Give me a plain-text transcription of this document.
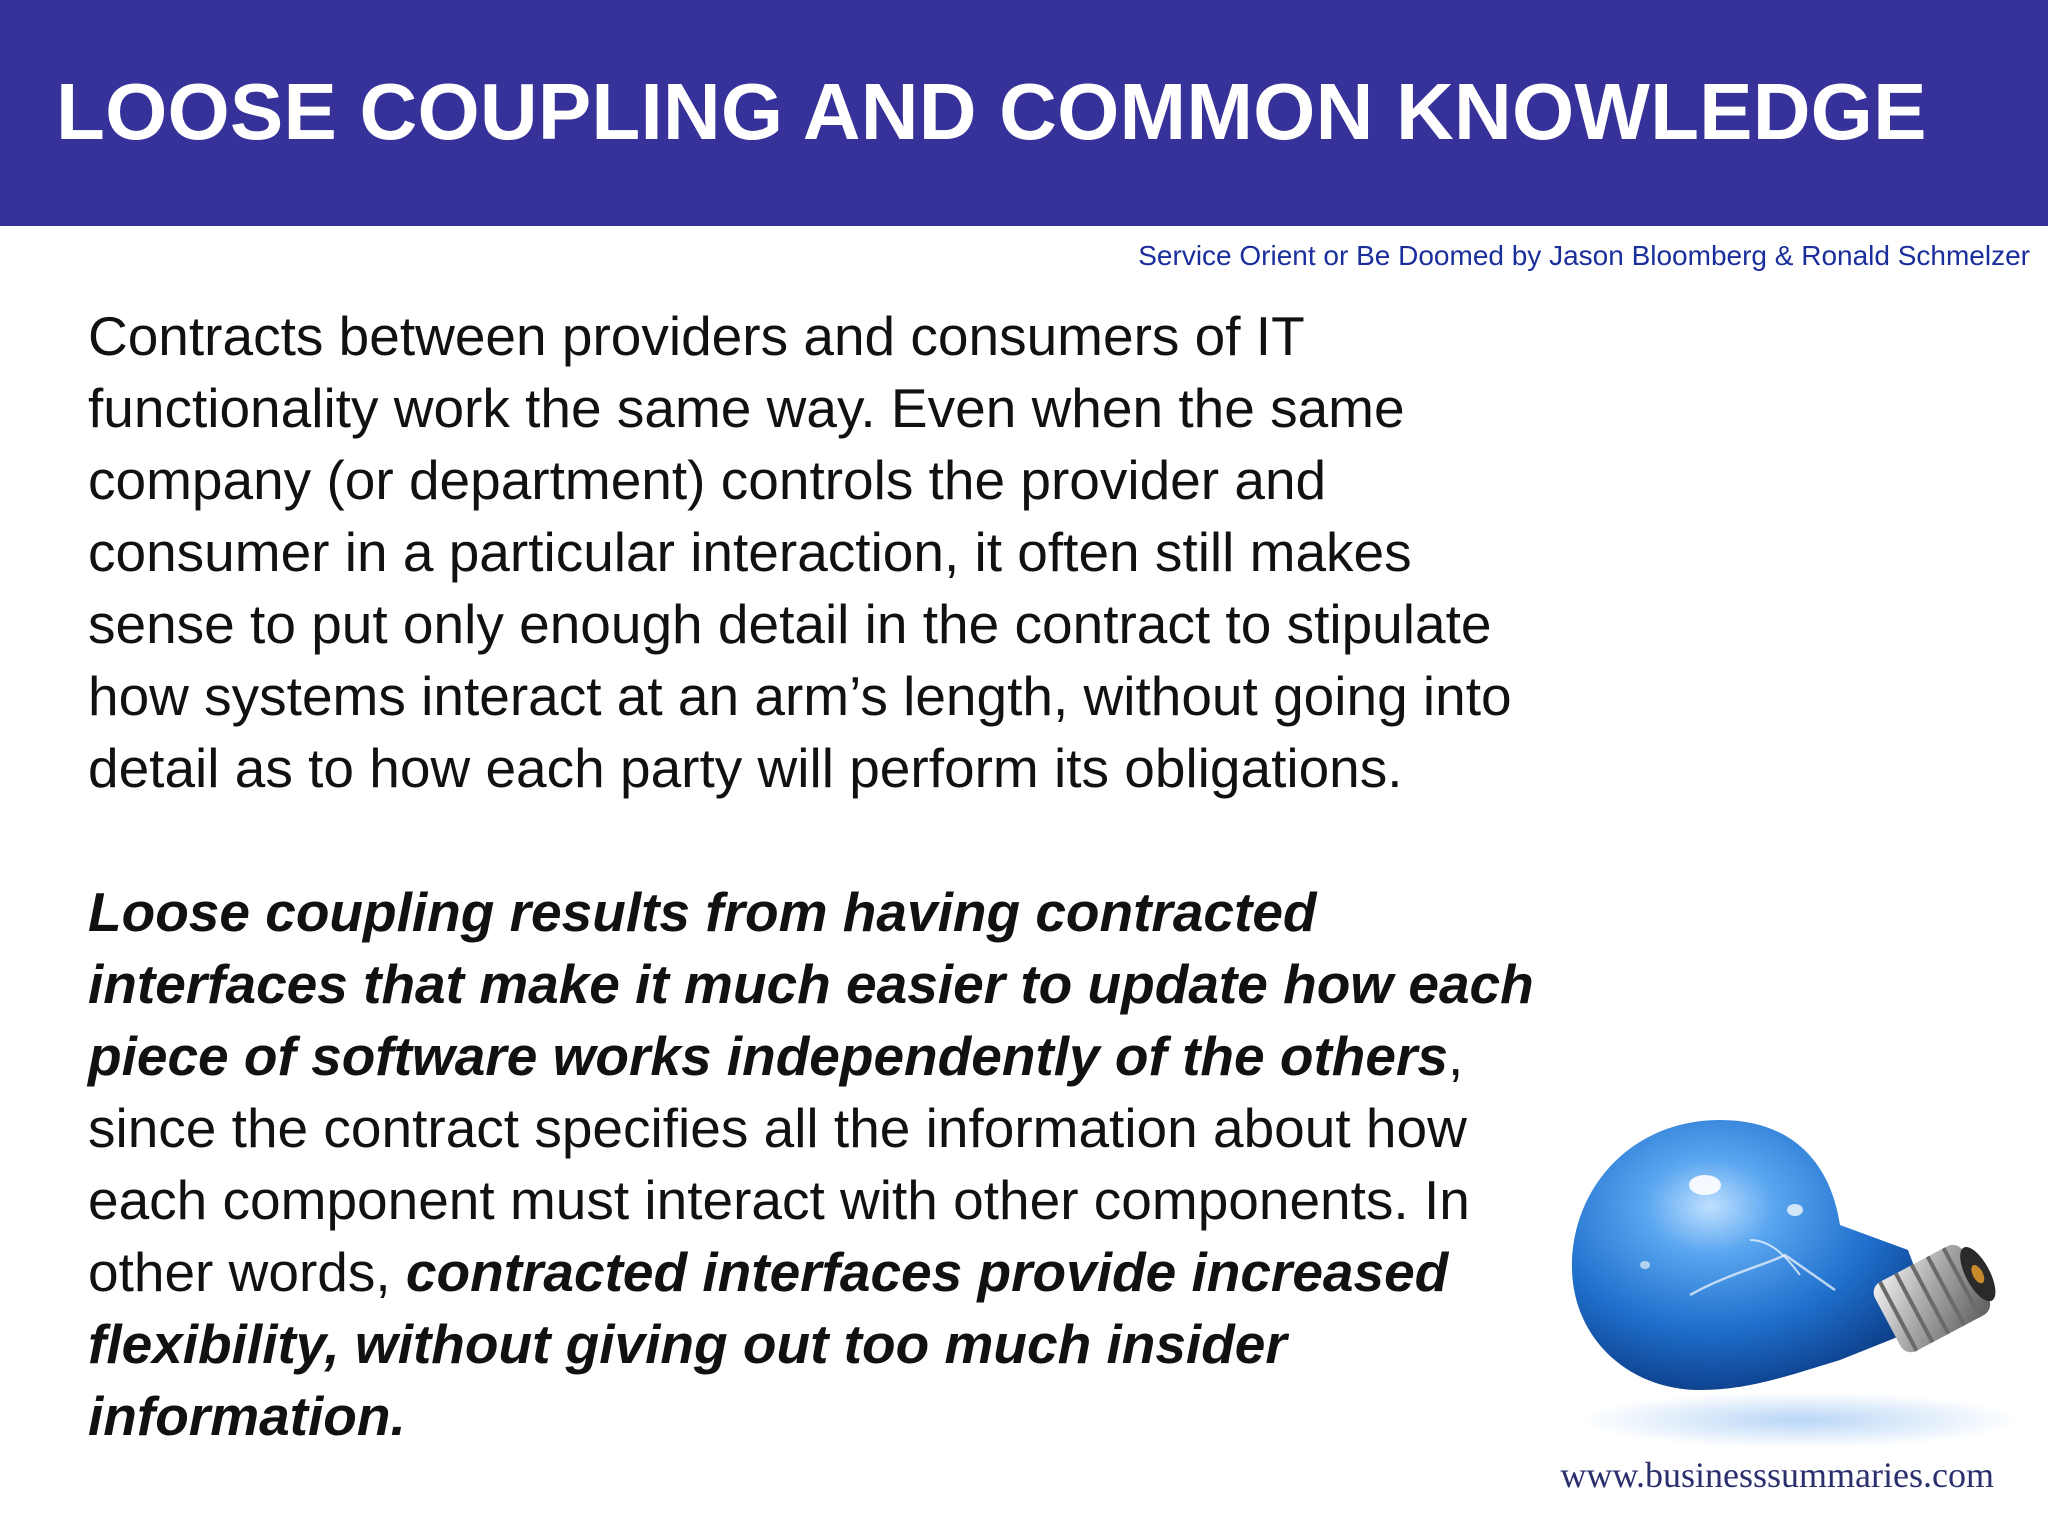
LOOSE COUPLING AND COMMON KNOWLEDGE
Service Orient or Be Doomed by Jason Bloomberg & Ronald Schmelzer

Contracts between providers and consumers of IT functionality work the same way. Even when the same company (or department) controls the provider and consumer in a particular interaction, it often still makes sense to put only enough detail in the contract to stipulate how systems interact at an arm’s length, without going into detail as to how each party will perform its obligations.

Loose coupling results from having contracted interfaces that make it much easier to update how each piece of software works independently of the others, since the contract specifies all the information about how each component must interact with other components. In other words, contracted interfaces provide increased flexibility, without giving out too much insider information.

www.businesssummaries.com
